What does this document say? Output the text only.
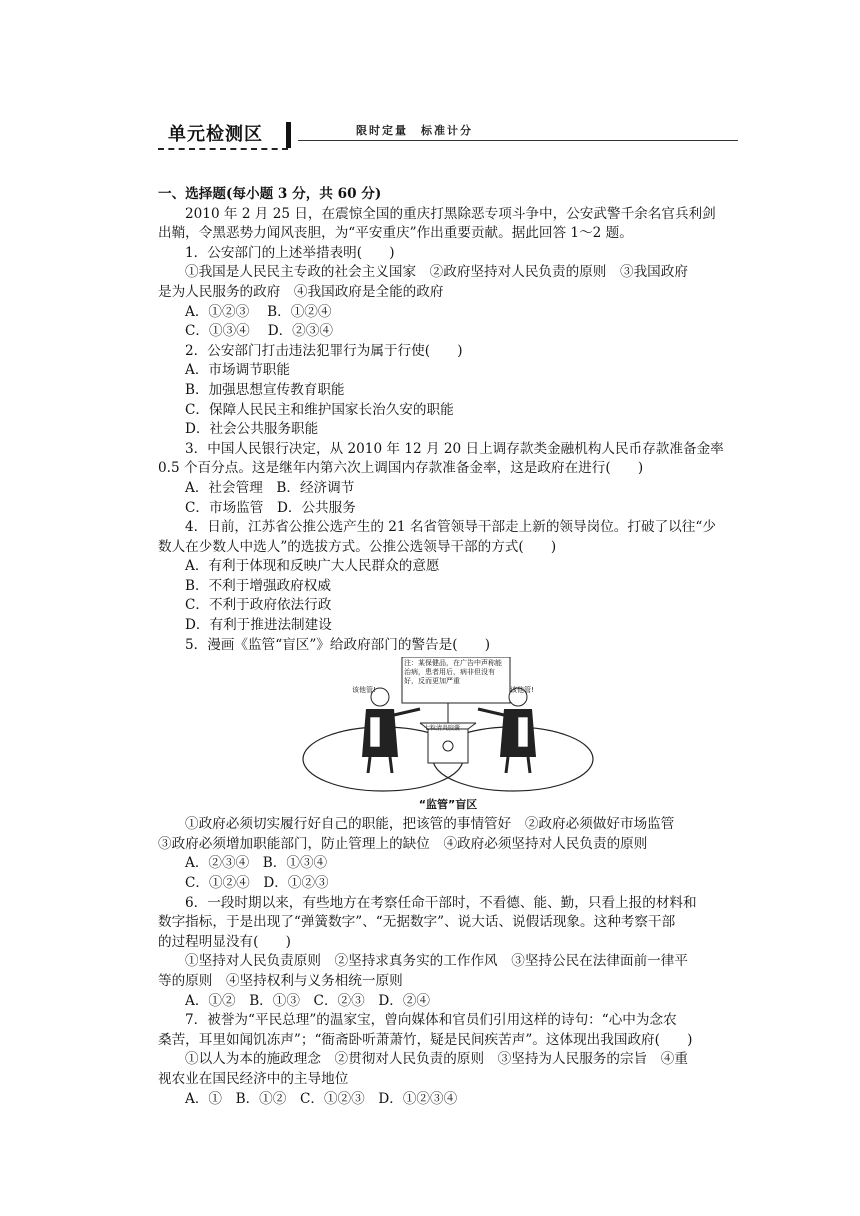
单元检测区	限时定量　标准计分
一、选择题(每小题 3 分，共 60 分)
2010 年 2 月 25 日，在震惊全国的重庆打黑除恶专项斗争中，公安武警千余名官兵利剑
出鞘，令黑恶势力闻风丧胆，为“平安重庆”作出重要贡献。据此回答 1～2 题。
1．公安部门的上述举措表明(　　)
①我国是人民民主专政的社会主义国家　②政府坚持对人民负责的原则　③我国政府
是为人民服务的政府　④我国政府是全能的政府
A．①②③　 B．①②④
C．①③④　 D．②③④
2．公安部门打击违法犯罪行为属于行使(　　)
A．市场调节职能
B．加强思想宣传教育职能
C．保障人民民主和维护国家长治久安的职能
D．社会公共服务职能
3．中国人民银行决定，从 2010 年 12 月 20 日上调存款类金融机构人民币存款准备金率
0.5 个百分点。这是继年内第六次上调国内存款准备金率，这是政府在进行(　　)
A．社会管理　B．经济调节
C．市场监管　D．公共服务
4．日前，江苏省公推公选产生的 21 名省管领导干部走上新的领导岗位。打破了以往“少
数人在少数人中选人”的选拔方式。公推公选领导干部的方式(　　)
A．有利于体现和反映广大人民群众的意愿
B．不利于增强政府权威
C．不利于政府依法行政
D．有利于推进法制建设
5．漫画《监管“盲区”》给政府部门的警告是(　　)
注：某保健品，在广告中声称能治病，患者用后，病非但没有好，反而更加严重
该他管!	该他管!
七粒清炎胶囊
“监管”盲区
①政府必须切实履行好自己的职能，把该管的事情管好　②政府必须做好市场监管
③政府必须增加职能部门，防止管理上的缺位　④政府必须坚持对人民负责的原则
A．②③④　B．①③④
C．①②④　D．①②③
6．一段时期以来，有些地方在考察任命干部时，不看德、能、勤，只看上报的材料和
数字指标，于是出现了“弹簧数字”、“无据数字”、说大话、说假话现象。这种考察干部
的过程明显没有(　　)
①坚持对人民负责原则　②坚持求真务实的工作作风　③坚持公民在法律面前一律平
等的原则　④坚持权利与义务相统一原则
A．①②　B．①③　C．②③　D．②④
7．被誉为“平民总理”的温家宝，曾向媒体和官员们引用这样的诗句：“心中为念农
桑苦，耳里如闻饥冻声”；“衙斋卧听萧萧竹，疑是民间疾苦声”。这体现出我国政府(　　)
①以人为本的施政理念　②贯彻对人民负责的原则　③坚持为人民服务的宗旨　④重
视农业在国民经济中的主导地位
A．①　B．①②　C．①②③　D．①②③④
